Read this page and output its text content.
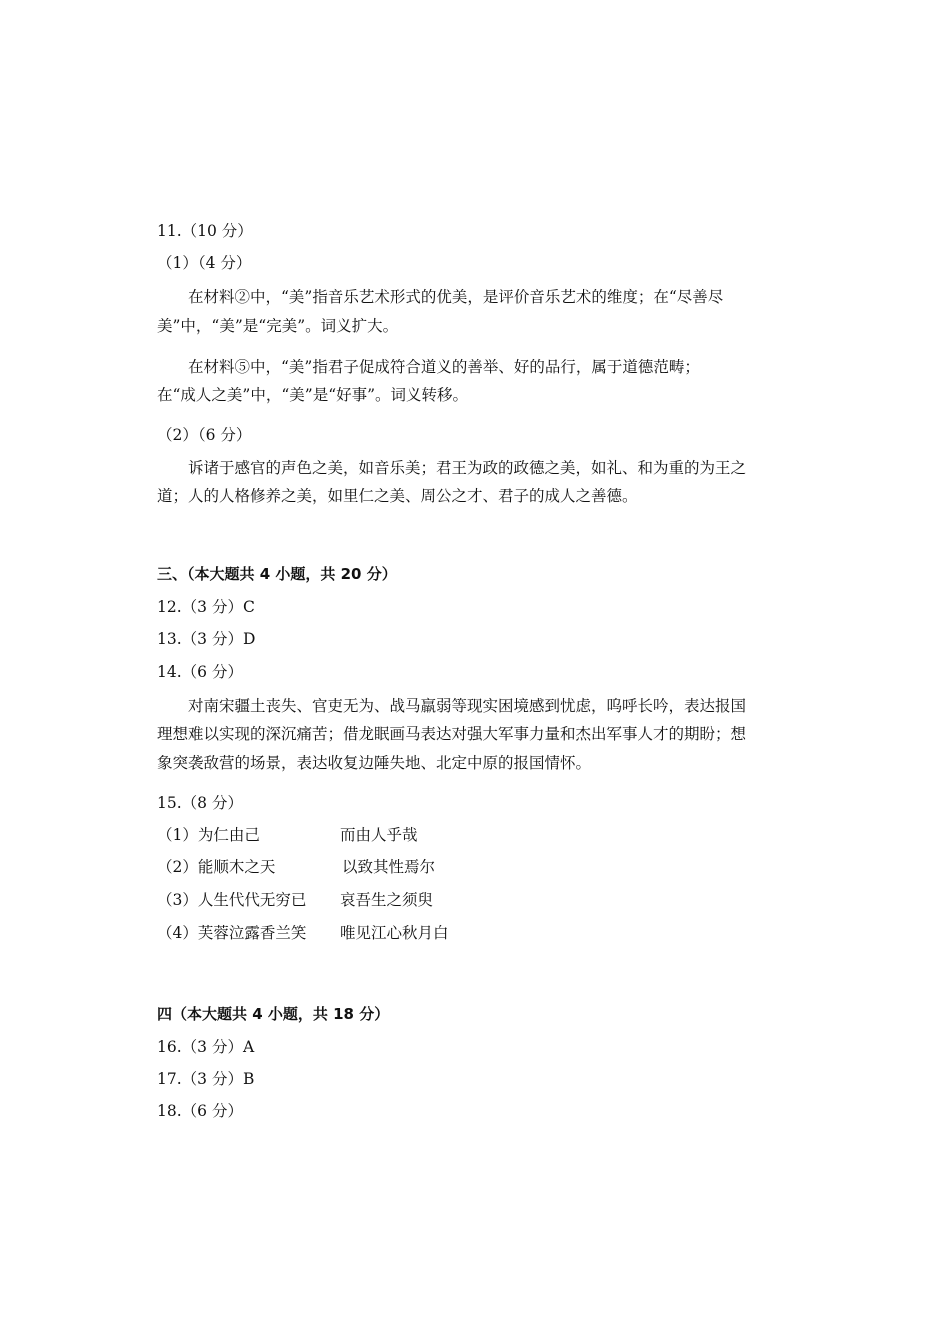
11.（10 分）
（1）（4 分）
在材料②中，“美”指音乐艺术形式的优美，是评价音乐艺术的维度；在“尽善尽
美”中，“美”是“完美”。词义扩大。
在材料⑤中，“美”指君子促成符合道义的善举、好的品行，属于道德范畴；
在“成人之美”中，“美”是“好事”。词义转移。
（2）（6 分）
诉诸于感官的声色之美，如音乐美；君王为政的政德之美，如礼、和为重的为王之
道；人的人格修养之美，如里仁之美、周公之才、君子的成人之善德。
三、（本大题共 4 小题，共 20 分）
12.（3 分）C
13.（3 分）D
14.（6 分）
对南宋疆土丧失、官吏无为、战马羸弱等现实困境感到忧虑，呜呼长吟，表达报国
理想难以实现的深沉痛苦；借龙眠画马表达对强大军事力量和杰出军事人才的期盼；想
象突袭敌营的场景，表达收复边陲失地、北定中原的报国情怀。
15.（8 分）
（1）为仁由己	而由人乎哉
（2）能顺木之天	以致其性焉尔
（3）人生代代无穷已 哀吾生之须臾
（4）芙蓉泣露香兰笑 唯见江心秋月白
四（本大题共 4 小题，共 18 分）
16.（3 分）A
17.（3 分）B
18.（6 分）
